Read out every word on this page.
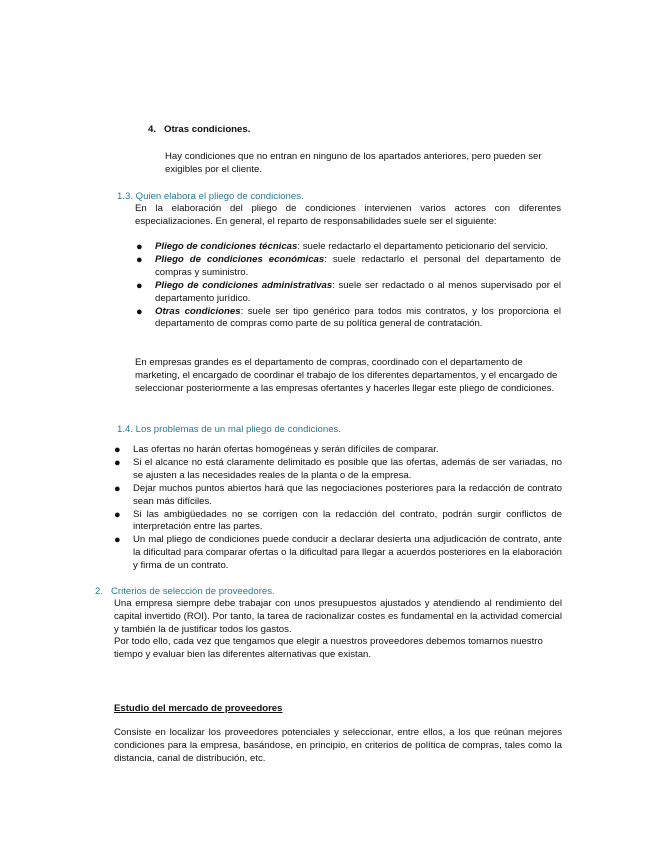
4. Otras condiciones.

Hay condiciones que no entran en ninguno de los apartados anteriores, pero pueden ser exigibles por el cliente.

1.3. Quien elabora el pliego de condiciones.

En la elaboración del pliego de condiciones intervienen varios actores con diferentes especializaciones. En general, el reparto de responsabilidades suele ser el siguiente:

● Pliego de condiciones técnicas: suele redactarlo el departamento peticionario del servicio.
● Pliego de condiciones económicas: suele redactarlo el personal del departamento de compras y suministro.
● Pliego de condiciones administrativas: suele ser redactado o al menos supervisado por el departamento jurídico.
● Otras condiciones: suele ser tipo genérico para todos mis contratos, y los proporciona el departamento de compras como parte de su política general de contratación.

En empresas grandes es el departamento de compras, coordinado con el departamento de marketing, el encargado de coordinar el trabajo de los diferentes departamentos, y el encargado de seleccionar posteriormente a las empresas ofertantes y hacerles llegar este pliego de condiciones.

1.4. Los problemas de un mal pliego de condiciones.
● Las ofertas no harán ofertas homogéneas y serán difíciles de comparar.
● Si el alcance no está claramente delimitado es posible que las ofertas, además de ser variadas, no se ajusten a las necesidades reales de la planta o de la empresa.
● Dejar muchos puntos abiertos hará que las negociaciones posteriores para la redacción de contrato sean más difíciles.
● Si las ambigüedades no se corrigen con la redacción del contrato, podrán surgir conflictos de interpretación entre las partes.
● Un mal pliego de condiciones puede conducir a declarar desierta una adjudicación de contrato, ante la dificultad para comparar ofertas o la dificultad para llegar a acuerdos posteriores en la elaboración y firma de un contrato.
2.   Criterios de selección de proveedores.

Una empresa siempre debe trabajar con unos presupuestos ajustados y atendiendo al rendimiento del capital invertido (ROI). Por tanto, la tarea de racionalizar costes es fundamental en la actividad comercial y también la de justificar todos los gastos.

Por todo ello, cada vez que tengamos que elegir a nuestros proveedores debemos tomarnos nuestro tiempo y evaluar bien las diferentes alternativas que existan.

Estudio del mercado de proveedores

Consiste en localizar los proveedores potenciales y seleccionar, entre ellos, a los que reúnan mejores condiciones para la empresa, basándose, en principio, en criterios de política de compras, tales como la distancia, canal de distribución, etc.
